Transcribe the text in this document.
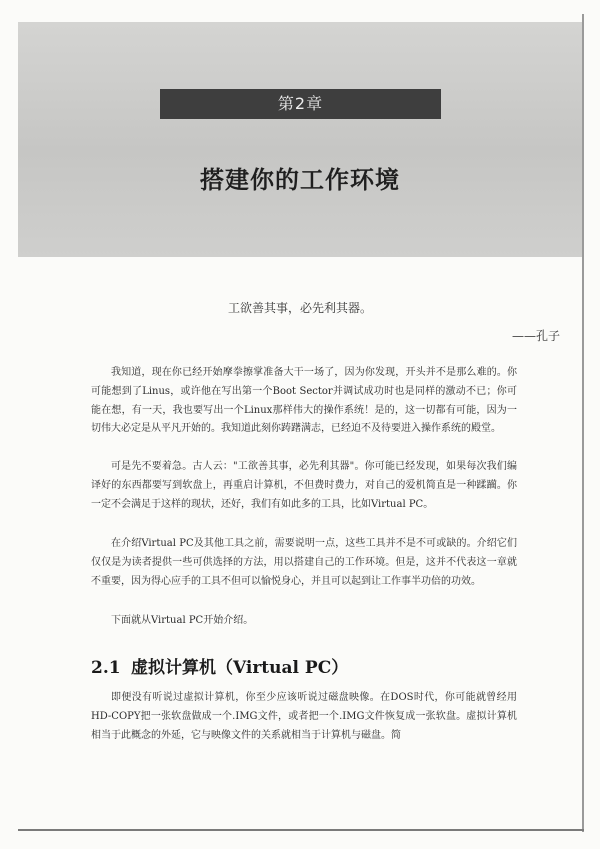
第2章
搭建你的工作环境
工欲善其事，必先利其器。
——孔子

我知道，现在你已经开始摩拳擦掌准备大干一场了，因为你发现，开头并不是那么难的。你可能想到了Linus，或许他在写出第一个Boot Sector并调试成功时也是同样的激动不已；你可能在想，有一天，我也要写出一个Linux那样伟大的操作系统！是的，这一切都有可能，因为一切伟大必定是从平凡开始的。我知道此刻你踌躇满志，已经迫不及待要进入操作系统的殿堂。

可是先不要着急。古人云："工欲善其事，必先利其器"。你可能已经发现，如果每次我们编译好的东西都要写到软盘上，再重启计算机，不但费时费力，对自己的爱机简直是一种蹂躏。你一定不会满足于这样的现状，还好，我们有如此多的工具，比如Virtual PC。

在介绍Virtual PC及其他工具之前，需要说明一点，这些工具并不是不可或缺的。介绍它们仅仅是为读者提供一些可供选择的方法，用以搭建自己的工作环境。但是，这并不代表这一章就不重要，因为得心应手的工具不但可以愉悦身心，并且可以起到让工作事半功倍的功效。

下面就从Virtual PC开始介绍。

2.1 虚拟计算机（Virtual PC）

即便没有听说过虚拟计算机，你至少应该听说过磁盘映像。在DOS时代，你可能就曾经用HD-COPY把一张软盘做成一个.IMG文件，或者把一个.IMG文件恢复成一张软盘。虚拟计算机相当于此概念的外延，它与映像文件的关系就相当于计算机与磁盘。简
